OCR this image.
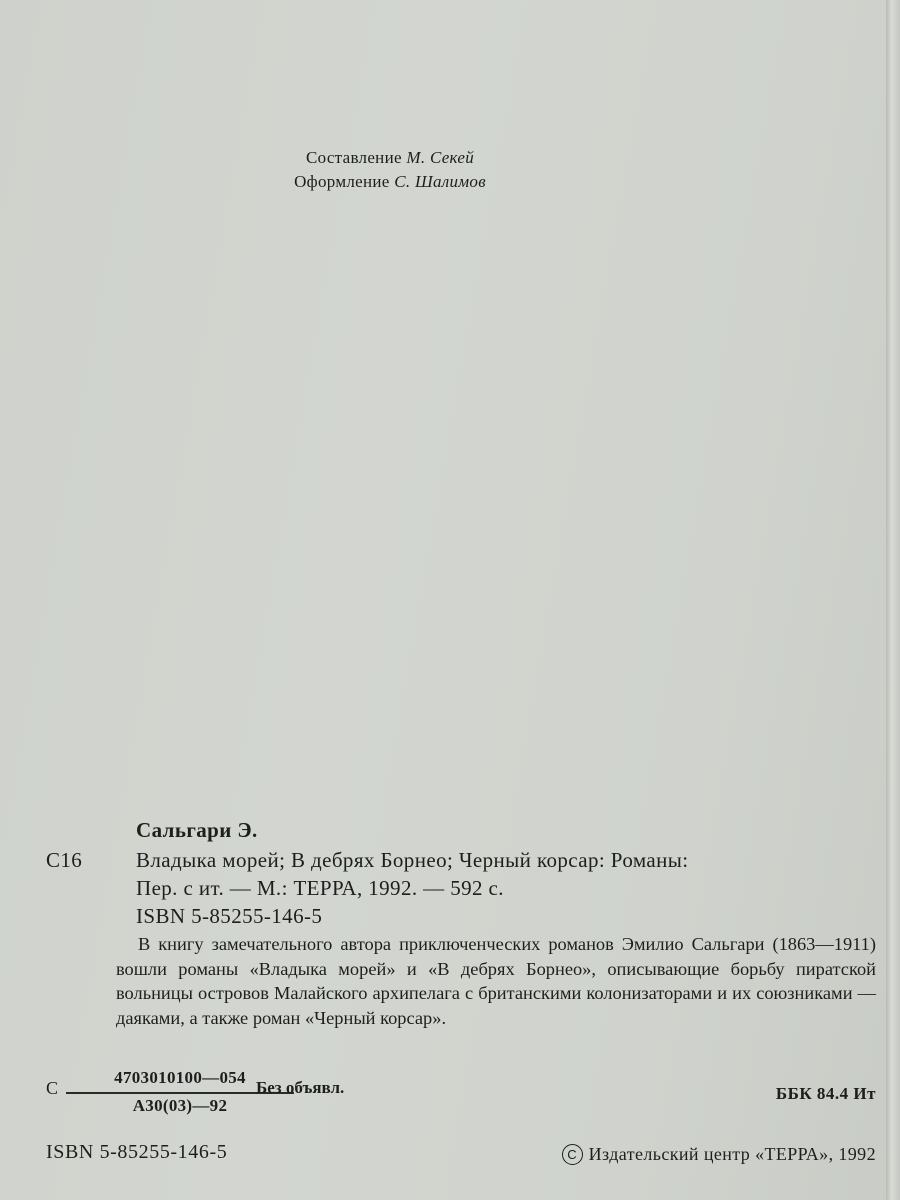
Составление М. Секей
Оформление С. Шалимов
Сальгари Э.
С16	Владыка морей; В дебрях Борнео; Черный корсар: Романы:
Пер. с ит. — М.: ТЕРРА, 1992. — 592 с.
ISBN 5-85255-146-5

В книгу замечательного автора приключенческих романов Эмилио Сальгари (1863—1911) вошли романы «Владыка морей» и «В дебрях Борнео», описывающие борьбу пиратской вольницы островов Малайского архипелага с британскими колонизаторами и их союзниками — даяками, а также роман «Черный корсар».

С
4703010100—054
А30(03)—92
Без объявл.	ББК 84.4 Ит
ISBN 5-85255-146-5	C Издательский центр «ТЕРРА», 1992
